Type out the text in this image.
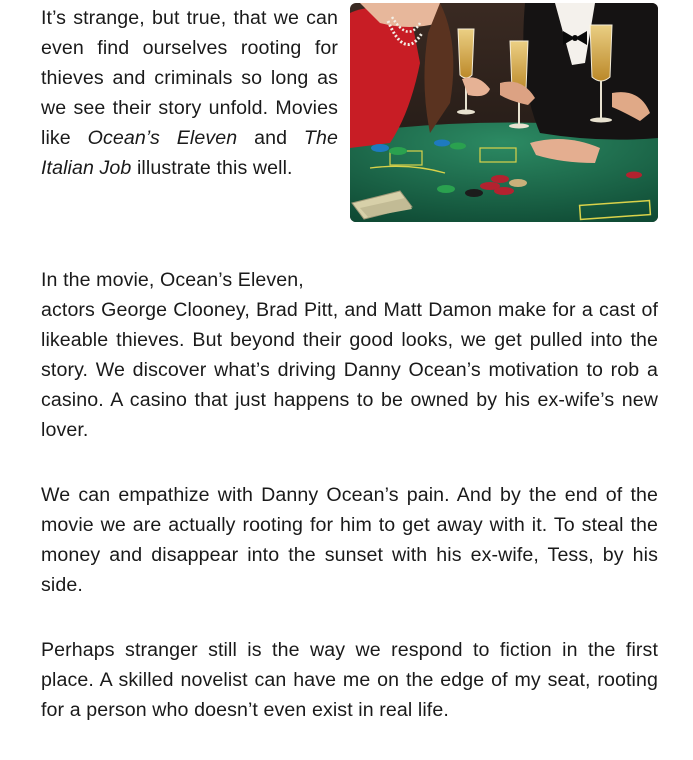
It’s strange, but true, that we can even find ourselves rooting for thieves and criminals so long as we see their story unfold. Movies like Ocean’s Eleven and The Italian Job illustrate this well.

In the movie, Ocean’s Eleven,
actors George Clooney, Brad Pitt, and Matt Damon make for a cast of likeable thieves. But beyond their good looks, we get pulled into the story. We discover what’s driving Danny Ocean’s motivation to rob a casino. A casino that just happens to be owned by his ex-wife’s new lover.

We can empathize with Danny Ocean’s pain. And by the end of the movie we are actually rooting for him to get away with it. To steal the money and disappear into the sunset with his ex-wife, Tess, by his side.

Perhaps stranger still is the way we respond to fiction in the first place. A skilled novelist can have me on the edge of my seat, rooting for a person who doesn’t even exist in real life.
